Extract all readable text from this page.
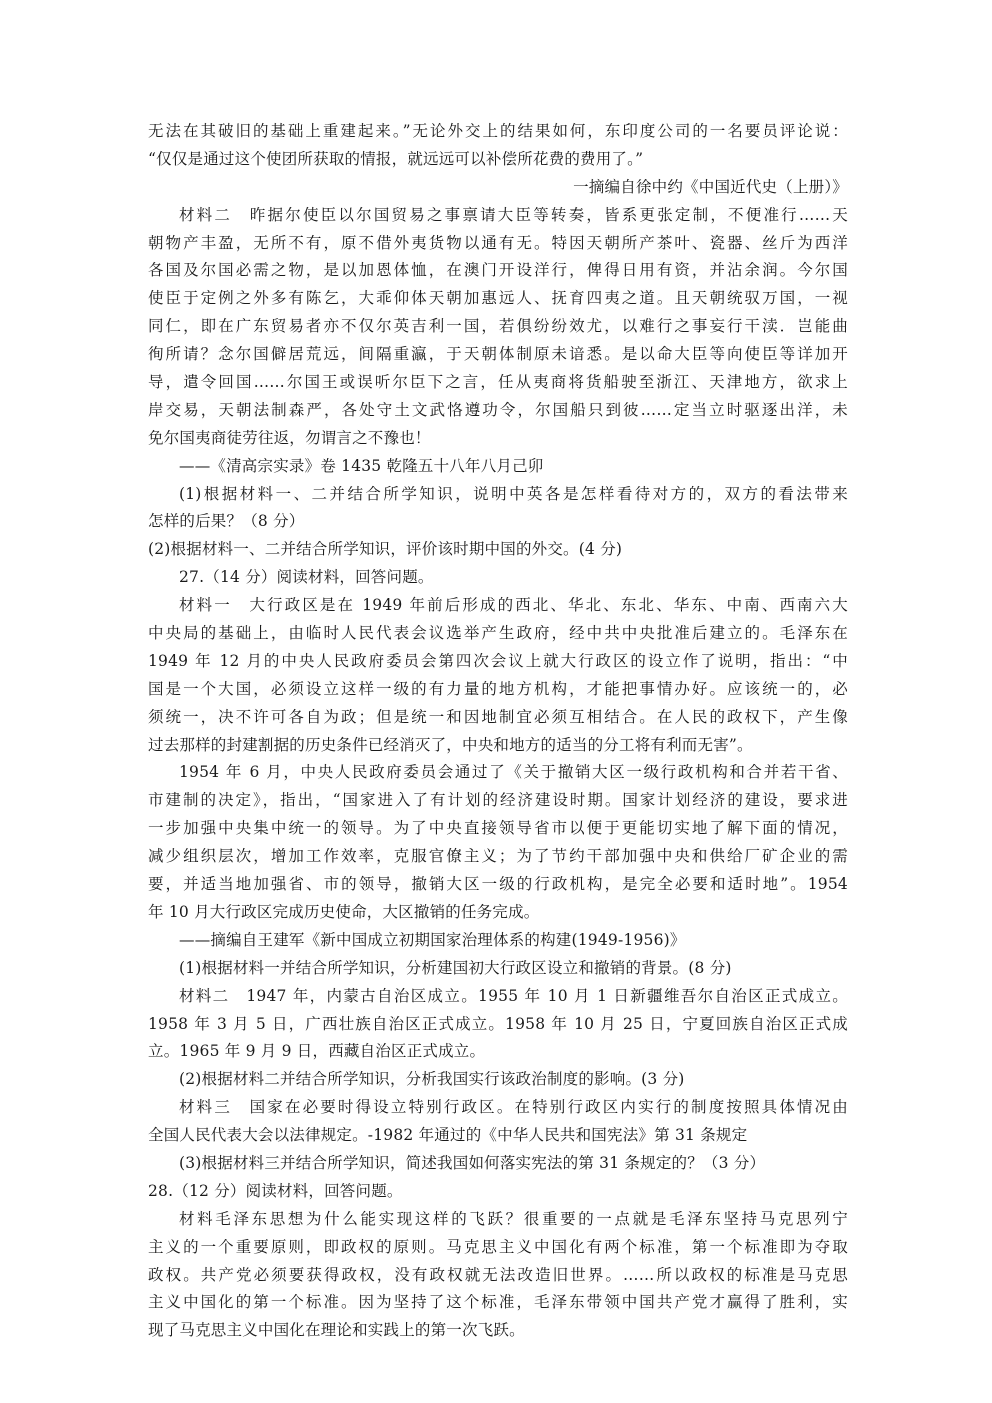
无法在其破旧的基础上重建起来。”无论外交上的结果如何，东印度公司的一名要员评论说：
“仅仅是通过这个使团所获取的情报，就远远可以补偿所花费的费用了。”
一摘编自徐中约《中国近代史（上册）》
材料二　昨据尔使臣以尔国贸易之事禀请大臣等转奏，皆系更张定制，不便准行……天
朝物产丰盈，无所不有，原不借外夷货物以通有无。特因天朝所产茶叶、瓷器、丝斤为西洋
各国及尔国必需之物，是以加恩体恤，在澳门开设洋行，俾得日用有资，并沾余润。今尔国
使臣于定例之外多有陈乞，大乖仰体天朝加惠远人、抚育四夷之道。且天朝统驭万国，一视
同仁，即在广东贸易者亦不仅尔英吉利一国，若俱纷纷效尤，以难行之事妄行干渎．岂能曲
徇所请？念尔国僻居荒远，间隔重瀛，于天朝体制原未谙悉。是以命大臣等向使臣等详加开
导，遣令回国……尔国王或误听尔臣下之言，任从夷商将货船驶至浙江、天津地方，欲求上
岸交易，天朝法制森严，各处守土文武恪遵功令，尔国船只到彼……定当立时驱逐出洋，未
免尔国夷商徒劳往返，勿谓言之不豫也！
——《清高宗实录》卷 1435 乾隆五十八年八月己卯
(1)根据材料一、二并结合所学知识，说明中英各是怎样看待对方的，双方的看法带来
怎样的后果？（8 分）
(2)根据材料一、二并结合所学知识，评价该时期中国的外交。(4 分)
27.（14 分）阅读材料，回答问题。
材料一　大行政区是在 1949 年前后形成的西北、华北、东北、华东、中南、西南六大
中央局的基础上，由临时人民代表会议选举产生政府，经中共中央批准后建立的。毛泽东在
1949 年 12 月的中央人民政府委员会第四次会议上就大行政区的设立作了说明，指出：“中
国是一个大国，必须设立这样一级的有力量的地方机构，才能把事情办好。应该统一的，必
须统一，决不许可各自为政；但是统一和因地制宜必须互相结合。在人民的政权下，产生像
过去那样的封建割据的历史条件已经消灭了，中央和地方的适当的分工将有利而无害”。
1954 年 6 月，中央人民政府委员会通过了《关于撤销大区一级行政机构和合并若干省、
市建制的决定》，指出，“国家进入了有计划的经济建设时期。国家计划经济的建设，要求进
一步加强中央集中统一的领导。为了中央直接领导省市以便于更能切实地了解下面的情况，
减少组织层次，增加工作效率，克服官僚主义；为了节约干部加强中央和供给厂矿企业的需
要，并适当地加强省、市的领导，撤销大区一级的行政机构，是完全必要和适时地”。1954
年 10 月大行政区完成历史使命，大区撤销的任务完成。
——摘编自王建军《新中国成立初期国家治理体系的构建(1949-1956)》
(1)根据材料一并结合所学知识，分析建国初大行政区设立和撤销的背景。(8 分)
材料二　1947 年，内蒙古自治区成立。1955 年 10 月 1 日新疆维吾尔自治区正式成立。
1958 年 3 月 5 日，广西壮族自治区正式成立。1958 年 10 月 25 日，宁夏回族自治区正式成
立。1965 年 9 月 9 日，西藏自治区正式成立。
(2)根据材料二并结合所学知识，分析我国实行该政治制度的影响。(3 分)
材料三　国家在必要时得设立特别行政区。在特别行政区内实行的制度按照具体情况由
全国人民代表大会以法律规定。-1982 年通过的《中华人民共和国宪法》第 31 条规定
(3)根据材料三并结合所学知识，简述我国如何落实宪法的第 31 条规定的？（3 分）
28.（12 分）阅读材料，回答问题。
材料毛泽东思想为什么能实现这样的飞跃？很重要的一点就是毛泽东坚持马克思列宁
主义的一个重要原则，即政权的原则。马克思主义中国化有两个标准，第一个标准即为夺取
政权。共产党必须要获得政权，没有政权就无法改造旧世界。……所以政权的标准是马克思
主义中国化的第一个标准。因为坚持了这个标准，毛泽东带领中国共产党才赢得了胜利，实
现了马克思主义中国化在理论和实践上的第一次飞跃。
